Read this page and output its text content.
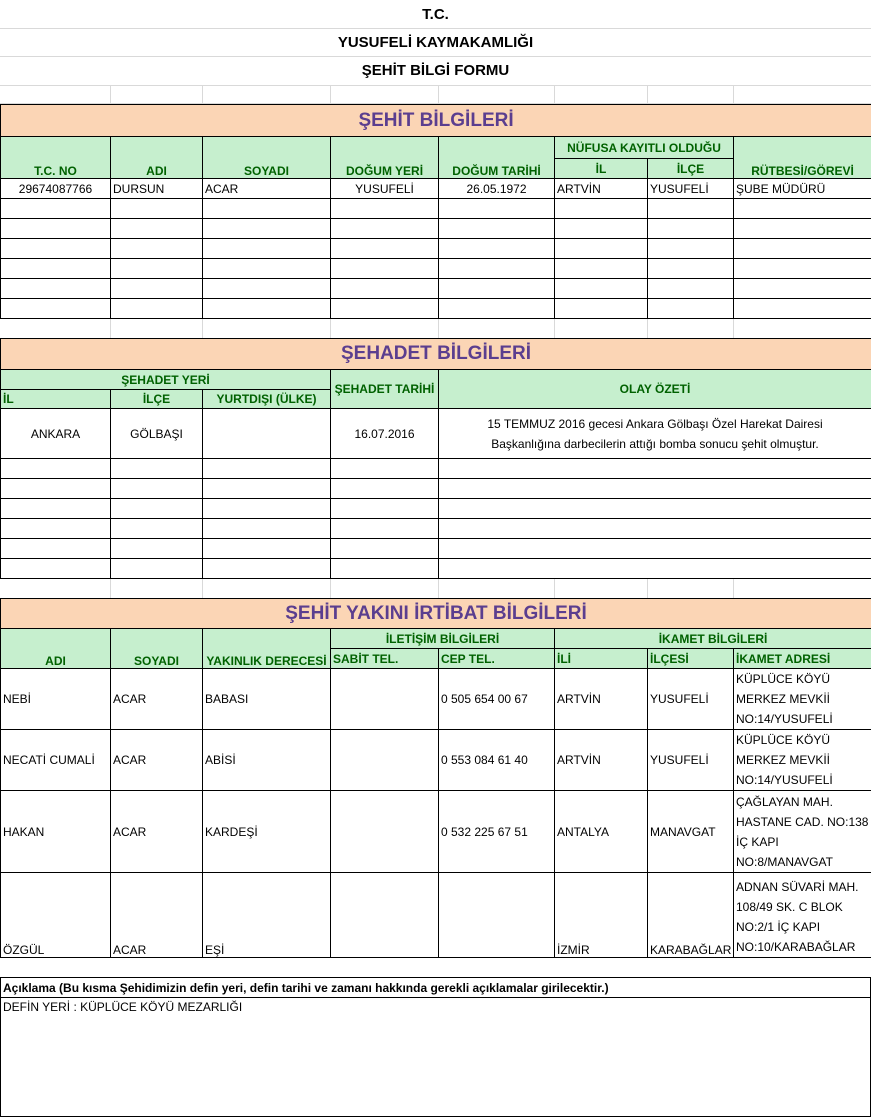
T.C.
YUSUFELİ KAYMAKAMLIĞI
ŞEHİT BİLGİ FORMU
ŞEHİT BİLGİLERİ							
T.C. NO	ADI	SOYADI	DOĞUM YERİ	DOĞUM TARİHİ	NÜFUSA KAYITLI OLDUĞU		RÜTBESİ/GÖREVİ
					İL	İLÇE	
29674087766	DURSUN	ACAR	YUSUFELİ	26.05.1972	ARTVİN	YUSUFELİ	ŞUBE MÜDÜRÜ

ŞEHADET BİLGİLERİ				
ŞEHADET YERİ			ŞEHADET TARİHİ	OLAY ÖZETİ
İL	İLÇE	YURTDIŞI (ÜLKE)		
ANKARA	GÖLBAŞI		16.07.2016	15 TEMMUZ 2016 gecesi Ankara Gölbaşı Özel Harekat Dairesi Başkanlığına darbecilerin attığı bomba sonucu şehit olmuştur.

ŞEHİT YAKINI İRTİBAT BİLGİLERİ							
ADI	SOYADI	YAKINLIK DERECESİ	İLETİŞİM BİLGİLERİ		İKAMET BİLGİLERİ		
			SABİT TEL.	CEP TEL.	İLİ	İLÇESİ	İKAMET ADRESİ
NEBİ	ACAR	BABASI		0 505 654 00 67	ARTVİN	YUSUFELİ	KÜPLÜCE KÖYÜ MERKEZ MEVKİİ NO:14/YUSUFELİ
NECATİ CUMALİ	ACAR	ABİSİ		0 553 084 61 40	ARTVİN	YUSUFELİ	KÜPLÜCE KÖYÜ MERKEZ MEVKİİ NO:14/YUSUFELİ
HAKAN	ACAR	KARDEŞİ		0 532 225 67 51	ANTALYA	MANAVGAT	ÇAĞLAYAN MAH. HASTANE CAD. NO:138 İÇ KAPI NO:8/MANAVGAT
ÖZGÜL	ACAR	EŞİ			İZMİR	KARABAĞLAR	ADNAN SÜVARİ MAH. 108/49 SK. C BLOK NO:2/1 İÇ KAPI NO:10/KARABAĞLAR
Açıklama (Bu kısma Şehidimizin defin yeri, defin tarihi ve zamanı hakkında gerekli açıklamalar girilecektir.)
DEFİN YERİ : KÜPLÜCE KÖYÜ MEZARLIĞI
